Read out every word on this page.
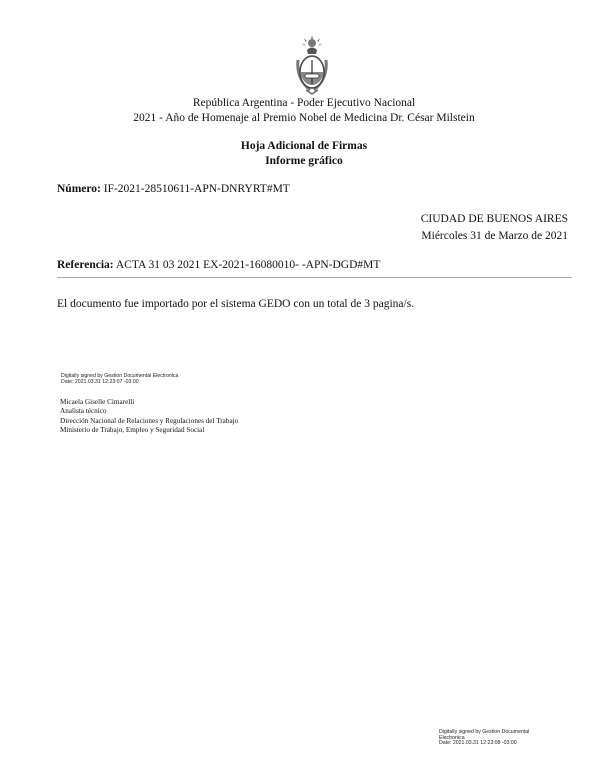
República Argentina - Poder Ejecutivo Nacional
2021 - Año de Homenaje al Premio Nobel de Medicina Dr. César Milstein
Hoja Adicional de Firmas
Informe gráfico
Número: IF-2021-28510611-APN-DNRYRT#MT
CIUDAD DE BUENOS AIRES
Miércoles 31 de Marzo de 2021
Referencia: ACTA 31 03 2021 EX-2021-16080010- -APN-DGD#MT
El documento fue importado por el sistema GEDO con un total de 3 pagina/s.
Digitally signed by Gestion Documental Electronica
Date: 2021.03.31 12:23:07 -03:00
Micaela Giselle Cimarelli
Analista técnico
Dirección Nacional de Relaciones y Regulaciones del Trabajo
Ministerio de Trabajo, Empleo y Seguridad Social
Digitally signed by Gestion Documental
Electronica
Date: 2021.03.31 12:23:08 -03:00
